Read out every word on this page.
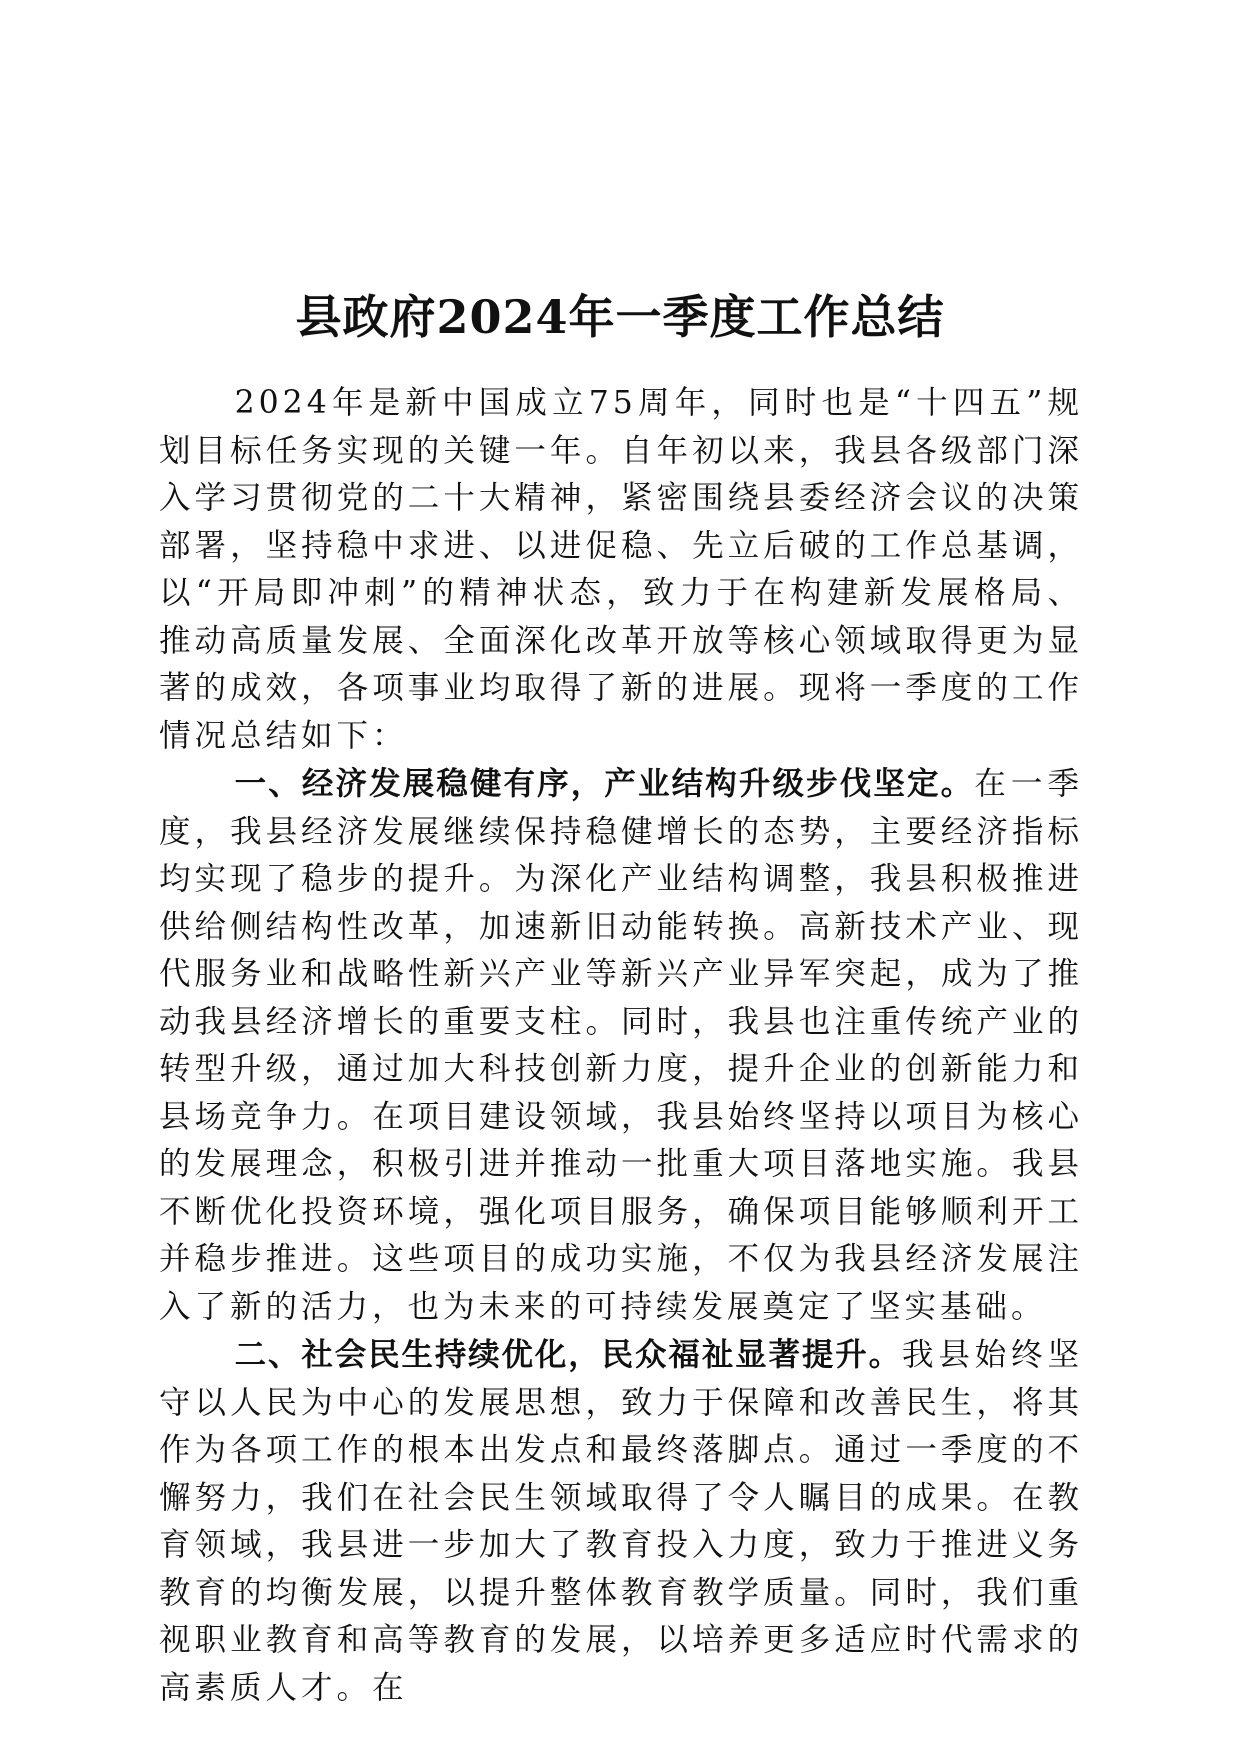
县政府2024年一季度工作总结

2024年是新中国成立75周年，同时也是“十四五”规划目标任务实现的关键一年。自年初以来，我县各级部门深入学习贯彻党的二十大精神，紧密围绕县委经济会议的决策部署，坚持稳中求进、以进促稳、先立后破的工作总基调，以“开局即冲刺”的精神状态，致力于在构建新发展格局、推动高质量发展、全面深化改革开放等核心领域取得更为显著的成效，各项事业均取得了新的进展。现将一季度的工作情况总结如下：

一、经济发展稳健有序，产业结构升级步伐坚定。在一季度，我县经济发展继续保持稳健增长的态势，主要经济指标均实现了稳步的提升。为深化产业结构调整，我县积极推进供给侧结构性改革，加速新旧动能转换。高新技术产业、现代服务业和战略性新兴产业等新兴产业异军突起，成为了推动我县经济增长的重要支柱。同时，我县也注重传统产业的转型升级，通过加大科技创新力度，提升企业的创新能力和县场竞争力。在项目建设领域，我县始终坚持以项目为核心的发展理念，积极引进并推动一批重大项目落地实施。我县不断优化投资环境，强化项目服务，确保项目能够顺利开工并稳步推进。这些项目的成功实施，不仅为我县经济发展注入了新的活力，也为未来的可持续发展奠定了坚实基础。

二、社会民生持续优化，民众福祉显著提升。我县始终坚守以人民为中心的发展思想，致力于保障和改善民生，将其作为各项工作的根本出发点和最终落脚点。通过一季度的不懈努力，我们在社会民生领域取得了令人瞩目的成果。在教育领域，我县进一步加大了教育投入力度，致力于推进义务教育的均衡发展，以提升整体教育教学质量。同时，我们重视职业教育和高等教育的发展，以培养更多适应时代需求的高素质人才。在
